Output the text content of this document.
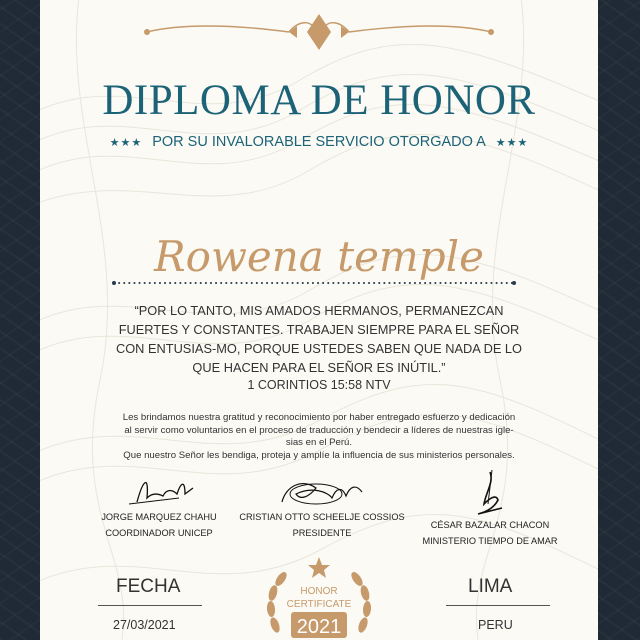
DIPLOMA DE HONOR
★★★ POR SU INVALORABLE SERVICIO OTORGADO A ★★★
Rowena temple
“POR LO TANTO, MIS AMADOS HERMANOS, PERMANEZCAN FUERTES Y CONSTANTES. TRABAJEN SIEMPRE PARA EL SEÑOR CON ENTUSIAS-MO, PORQUE USTEDES SABEN QUE NADA DE LO QUE HACEN PARA EL SEÑOR ES INÚTIL.”
1 CORINTIOS 15:58 NTV
Les brindamos nuestra gratitud y reconocimiento por haber entregado esfuerzo y dedicación
al servir como voluntarios en el proceso de traducción y bendecir a líderes de nuestras igle-
sias en el Perú.
Que nuestro Señor les bendiga, proteja y amplíe la influencia de sus ministerios personales.
JORGE MARQUEZ CHAHU
COORDINADOR UNICEP
CRISTIAN OTTO SCHEELJE COSSIOS
PRESIDENTE
CÉSAR BAZALAR CHACON
MINISTERIO TIEMPO DE AMAR
FECHA
27/03/2021
LIMA
PERU
HONOR
CERTIFICATE
2021
